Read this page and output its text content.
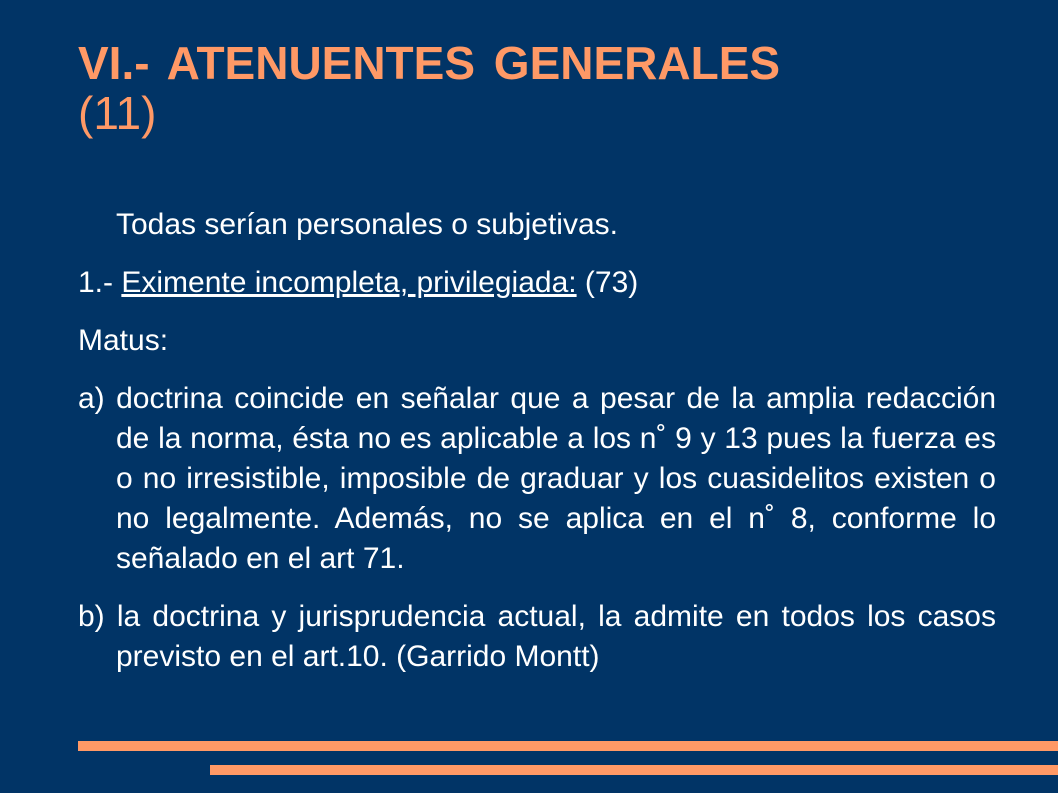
VI.- ATENUENTES GENERALES
(11)

Todas serían personales o subjetivas.

1.- Eximente incompleta, privilegiada: (73)

Matus:

a) doctrina coincide en señalar que a pesar de la amplia redacción de la norma, ésta no es aplicable a los n˚ 9 y 13 pues la fuerza es o no irresistible, imposible de graduar y los cuasidelitos existen o no legalmente. Además, no se aplica en el n˚ 8, conforme lo señalado en el art 71.

b) la doctrina y jurisprudencia actual, la admite en todos los casos previsto en el art.10. (Garrido Montt)
